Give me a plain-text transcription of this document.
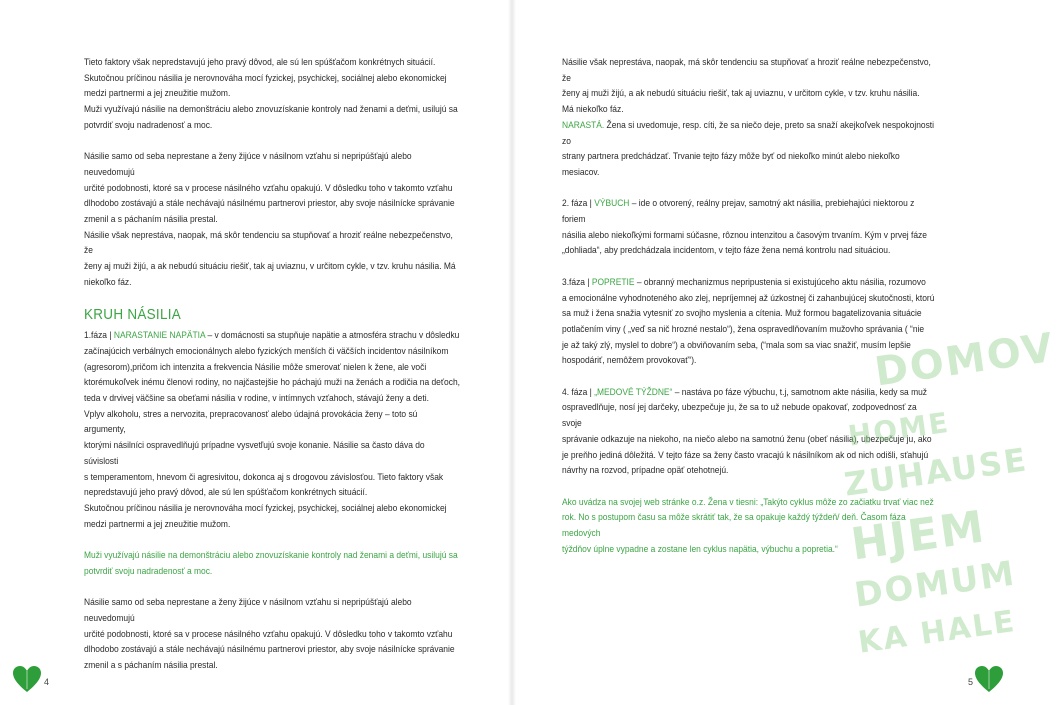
Tieto faktory však nepredstavujú jeho pravý dôvod, ale sú len spúšťačom konkrétnych situácií.
Skutočnou príčinou násilia je nerovnováha mocí fyzickej, psychickej, sociálnej alebo ekonomickej
medzi partnermi a jej zneužitie mužom.
Muži využívajú násilie na demonštráciu alebo znovuzískanie kontroly nad ženami a deťmi, usilujú sa
potvrdiť svoju nadradenosť a moc.
Násilie samo od seba neprestane a ženy žijúce v násilnom vzťahu si nepripúšťajú alebo neuvedomujú
určité podobnosti, ktoré sa v procese násilného vzťahu opakujú. V dôsledku toho v takomto vzťahu
dlhodobo zostávajú a stále nechávajú násilnému partnerovi priestor, aby svoje násilnícke správanie
zmenil a s páchaním násilia prestal.
Násilie však neprestáva, naopak, má skôr tendenciu sa stupňovať a hroziť reálne nebezpečenstvo, že
ženy aj muži žijú, a ak nebudú situáciu riešiť, tak aj uviaznu, v určitom cykle, v tzv. kruhu násilia. Má
niekoľko fáz.
KRUH NÁSILIA
1.fáza | NARASTANIE NAPÄTIA – v domácnosti sa stupňuje napätie a atmosféra strachu v dôsledku
začínajúcich verbálnych emocionálnych alebo fyzických menších či väčších incidentov násilníkom
(agresorom),pričom ich intenzita a frekvencia Násilie môže smerovať nielen k žene, ale voči
ktorémukoľvek inému členovi rodiny, no najčastejšie ho páchajú muži na ženách a rodičia na deťoch,
teda v drvivej väčšine sa obeťami násilia v rodine, v intímnych vzťahoch, stávajú ženy a deti.
Vplyv alkoholu, stres a nervozita, prepracovanosť alebo údajná provokácia ženy – toto sú argumenty,
ktorými násilníci ospravedlňujú prípadne vysvetľujú svoje konanie. Násilie sa často dáva do súvislosti
s temperamentom, hnevom či agresivitou, dokonca aj s drogovou závislosťou. Tieto faktory však
nepredstavujú jeho pravý dôvod, ale sú len spúšťačom konkrétnych situácií.
Skutočnou príčinou násilia je nerovnováha mocí fyzickej, psychickej, sociálnej alebo ekonomickej
medzi partnermi a jej zneužitie mužom.
Muži využívajú násilie na demonštráciu alebo znovuzískanie kontroly nad ženami a deťmi, usilujú sa
potvrdiť svoju nadradenosť a moc.
Násilie samo od seba neprestane a ženy žijúce v násilnom vzťahu si nepripúšťajú alebo neuvedomujú
určité podobnosti, ktoré sa v procese násilného vzťahu opakujú. V dôsledku toho v takomto vzťahu
dlhodobo zostávajú a stále nechávajú násilnému partnerovi priestor, aby svoje násilnícke správanie
zmenil a s páchaním násilia prestal.
Násilie však neprestáva, naopak, má skôr tendenciu sa stupňovať a hroziť reálne nebezpečenstvo, že
ženy aj muži žijú, a ak nebudú situáciu riešiť, tak aj uviaznu, v určitom cykle, v tzv. kruhu násilia.
Má niekoľko fáz.
NARASTÁ. Žena si uvedomuje, resp. cíti, že sa niečo deje, preto sa snaží akejkoľvek nespokojnosti zo
strany partnera predchádzať. Trvanie tejto fázy môže byť od niekoľko minút alebo niekoľko mesiacov.
2. fáza | VÝBUCH – ide o otvorený, reálny prejav, samotný akt násilia, prebiehajúci niektorou z foriem
násilia alebo niekoľkými formami súčasne, rôznou intenzitou a časovým trvaním. Kým v prvej fáze
„dohliada“, aby predchádzala incidentom, v tejto fáze žena nemá kontrolu nad situáciou.
3.fáza | POPRETIE – obranný mechanizmus nepripustenia si existujúceho aktu násilia, rozumovo
a emocionálne vyhodnoteného ako zlej, nepríjemnej až úzkostnej či zahanbujúcej skutočnosti, ktorú
sa muž i žena snažia vytesniť zo svojho myslenia a cítenia. Muž formou bagatelizovania situácie
potlačením viny ( „veď sa nič hrozné nestalo“), žena ospravedlňovaním mužovho správania ( “nie
je až taký zlý, myslel to dobre“) a obviňovaním seba, (“mala som sa viac snažiť, musím lepšie
hospodáriť, nemôžem provokovať“).
4. fáza | „MEDOVÉ TÝŽDNE“ – nastáva po fáze výbuchu, t.j, samotnom akte násilia, kedy sa muž
ospravedlňuje, nosí jej darčeky, ubezpečuje ju, že sa to už nebude opakovať, zodpovednosť za svoje
správanie odkazuje na niekoho, na niečo alebo na samotnú ženu (obeť násilia), ubezpečuje ju, ako
je preňho jediná dôležitá. V tejto fáze sa ženy často vracajú k násilníkom ak od nich odišli, sťahujú
návrhy na rozvod, prípadne opäť otehotnejú.
Ako uvádza na svojej web stránke o.z. Žena v tiesni: „Takýto cyklus môže zo začiatku trvať viac než
rok. No s postupom času sa môže skrátiť tak, že sa opakuje každý týždeň/ deň. Časom fáza medových
týždňov úplne vypadne a zostane len cyklus napätia, výbuchu a popretia.“
DOMOV
HOME
ZUHAUSE
HJEM
DOMUM
KA HALE
4	5
